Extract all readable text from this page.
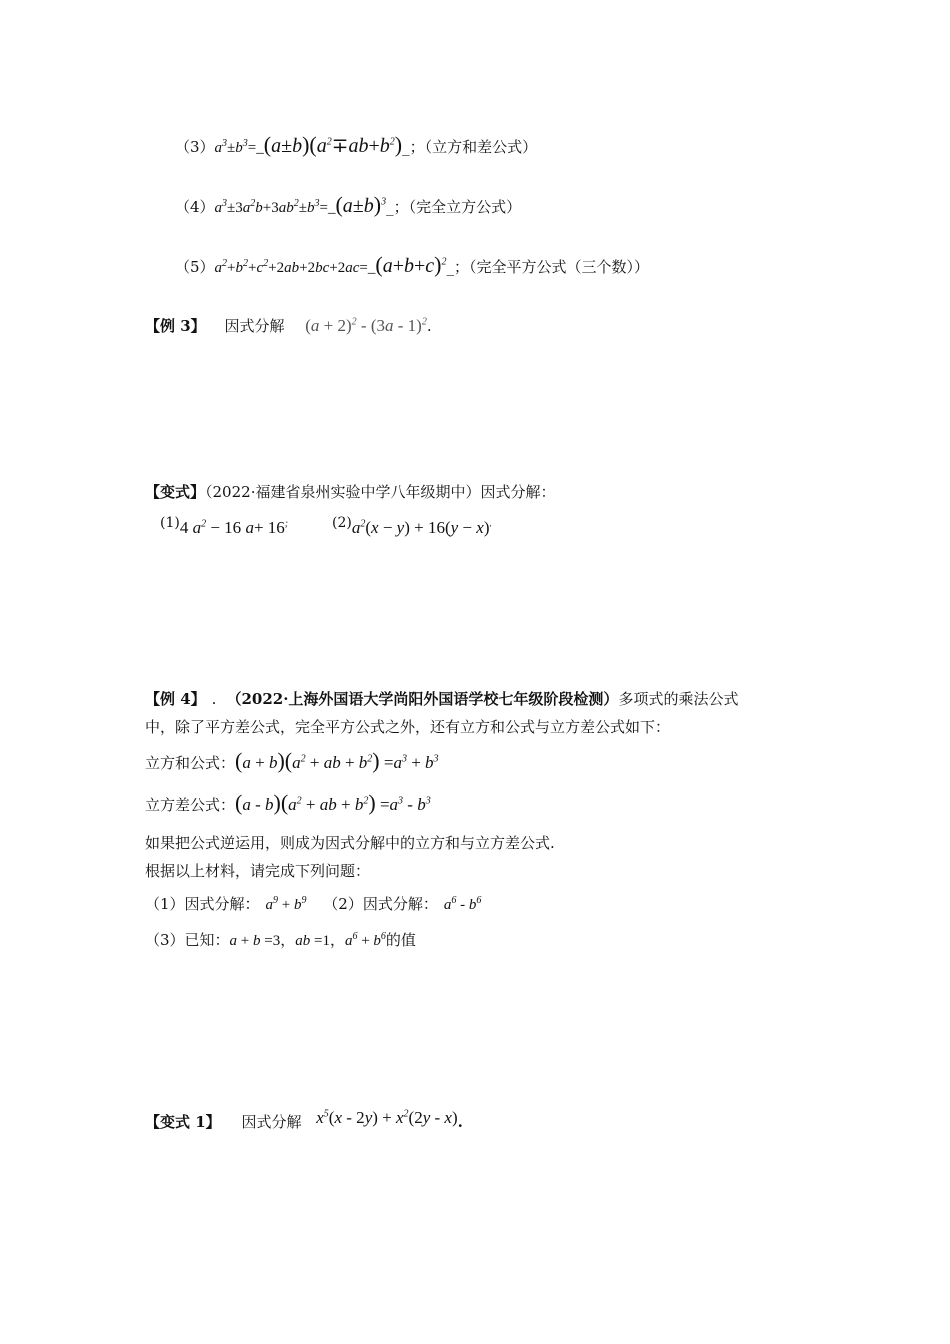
$(3)a^3\pm b^3=\_(a\pm b)(a^2\mp ab+b^2)\_$；（立方和差公式）
$(4)a^3\pm 3a^2b+3ab^2\pm b^3=\_(a\pm b)^3\_$；（完全立方公式）
$(5)a^2+b^2+c^2+2ab+2bc+2ac=\_(a+b+c)^2\_$；（完全平方公式（三个数））
【例 3】 因式分解 $(a + 2)^2 - (3a - 1)^2$.
【变式】（2022·福建省泉州实验中学八年级期中）因式分解：
(1)4 $a^2 - 16$ a+ 16;	$(2)a^2(x - y) + 16(y - x)^.$
【例 4】 . （2022·上海外国语大学尚阳外国语学校七年级阶段检测）多项式的乘法公式
中，除了平方差公式，完全平方公式之外，还有立方和公式与立方差公式如下：
立方和公式：$(a + b)(a^2$ + ab + $b^2) =a^3 + b^3$
立方差公式：$(a - b)(a^2$ + ab + $b^2) =a^3 - b^3$
如果把公式逆运用，则成为因式分解中的立方和与立方差公式.
根据以上材料，请完成下列问题：
（1）因式分解： $a^9 + b^9$ （2）因式分解： $a^6 - b^6$
（3）已知：a + b =3，ab =1，$a^6 + b^6$的值
【变式 1】 因式分解 $x^5(x - 2y) + x^2(2y - x)$.
